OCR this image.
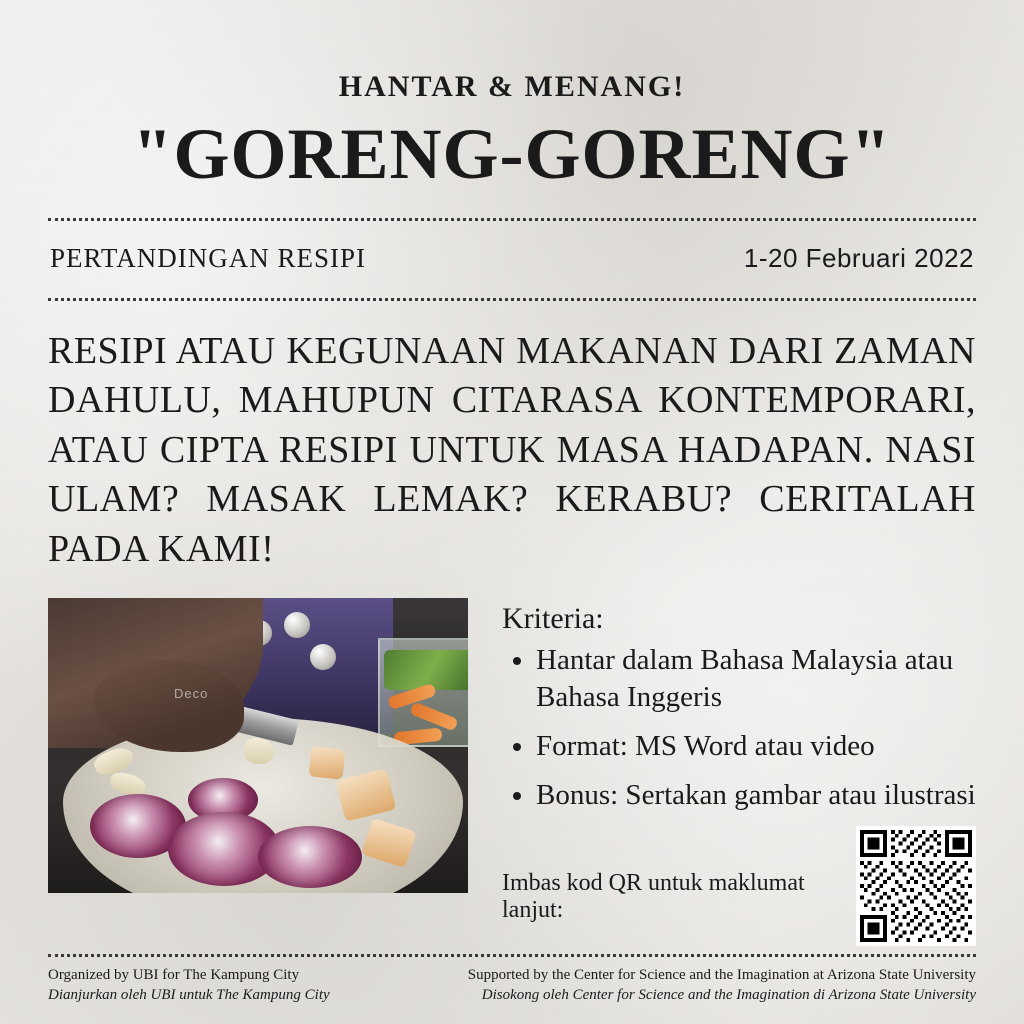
HANTAR & MENANG!
"GORENG-GORENG"
PERTANDINGAN RESIPI	1-20 Februari 2022
RESIPI ATAU KEGUNAAN MAKANAN DARI ZAMAN DAHULU, MAHUPUN CITARASA KONTEMPORARI, ATAU CIPTA RESIPI UNTUK MASA HADAPAN. NASI ULAM? MASAK LEMAK? KERABU? CERITALAH PADA KAMI!
Deco
Kriteria:
• Hantar dalam Bahasa Malaysia atau Bahasa Inggeris
• Format: MS Word atau video
• Bonus: Sertakan gambar atau ilustrasi
Imbas kod QR untuk maklumat lanjut:
Organized by UBI for The Kampung City
Dianjurkan oleh UBI untuk The Kampung City
Supported by the Center for Science and the Imagination at Arizona State University
Disokong oleh Center for Science and the Imagination di Arizona State University
